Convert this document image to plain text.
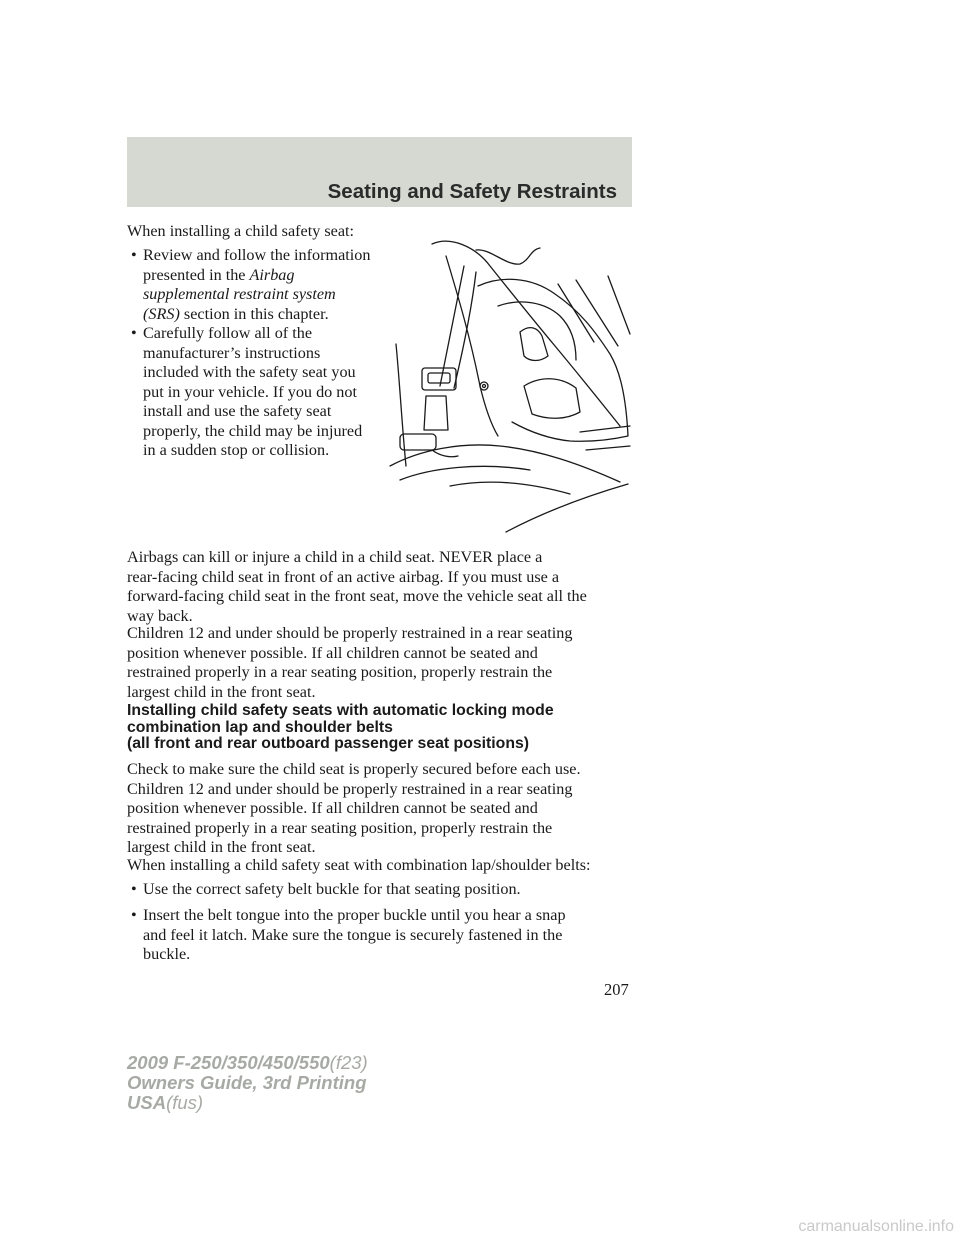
Seating and Safety Restraints
When installing a child safety seat:
• Review and follow the information
presented in the Airbag
supplemental restraint system
(SRS) section in this chapter.
• Carefully follow all of the
manufacturer’s instructions
included with the safety seat you
put in your vehicle. If you do not
install and use the safety seat
properly, the child may be injured
in a sudden stop or collision.
Airbags can kill or injure a child in a child seat. NEVER place a
rear-facing child seat in front of an active airbag. If you must use a
forward-facing child seat in the front seat, move the vehicle seat all the
way back.
Children 12 and under should be properly restrained in a rear seating
position whenever possible. If all children cannot be seated and
restrained properly in a rear seating position, properly restrain the
largest child in the front seat.
Installing child safety seats with automatic locking mode
combination lap and shoulder belts
(all front and rear outboard passenger seat positions)
Check to make sure the child seat is properly secured before each use.
Children 12 and under should be properly restrained in a rear seating
position whenever possible. If all children cannot be seated and
restrained properly in a rear seating position, properly restrain the
largest child in the front seat.
When installing a child safety seat with combination lap/shoulder belts:
• Use the correct safety belt buckle for that seating position.
• Insert the belt tongue into the proper buckle until you hear a snap
and feel it latch. Make sure the tongue is securely fastened in the
buckle.
207
2009 F-250/350/450/550(f23)
Owners Guide, 3rd Printing
USA(fus)
carmanualsonline.info
